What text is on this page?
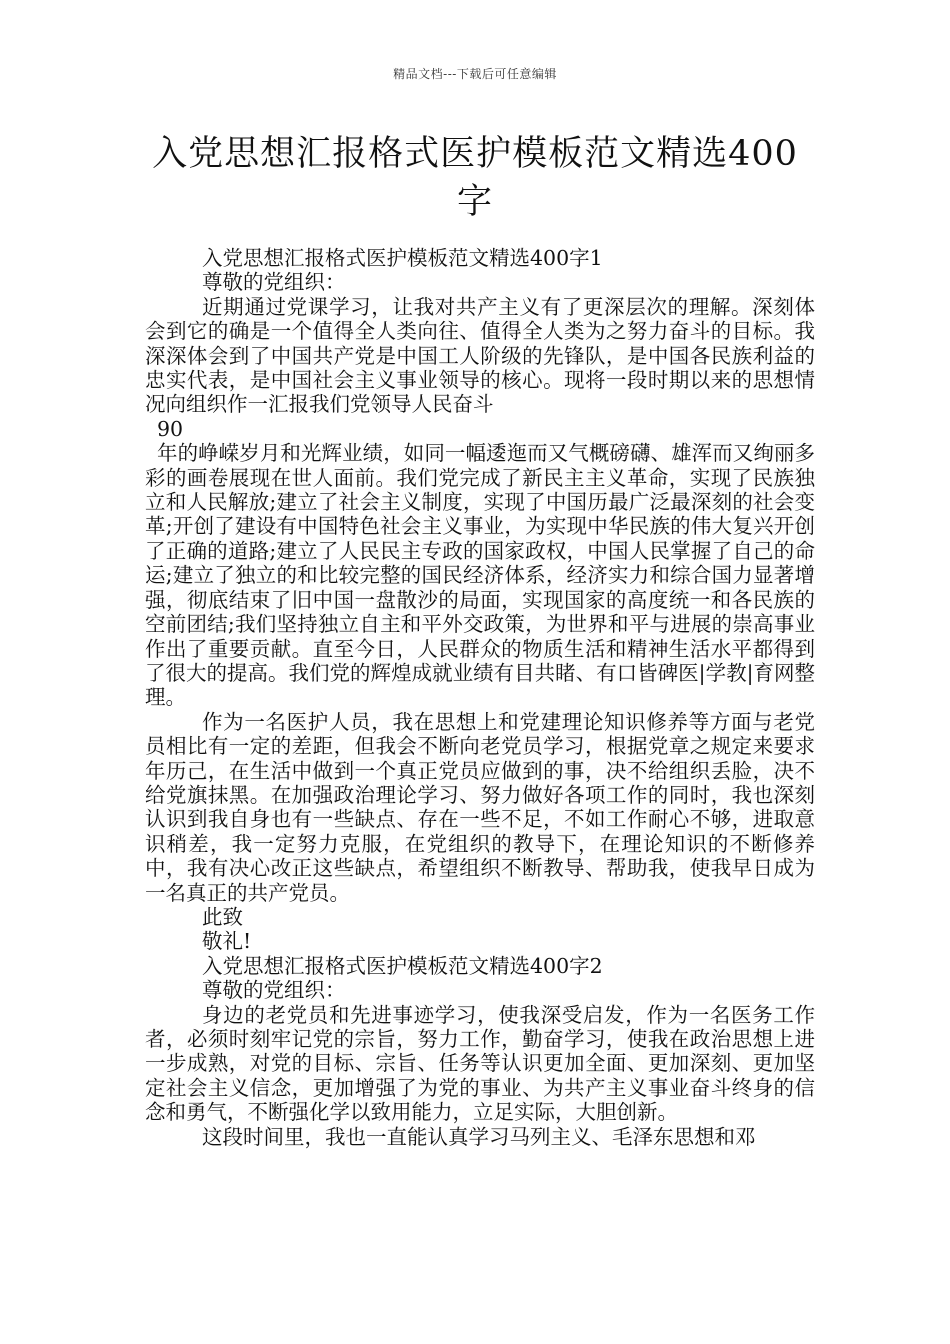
精品文档---下载后可任意编辑
入党思想汇报格式医护模板范文精选400字

入党思想汇报格式医护模板范文精选400字1

尊敬的党组织：

近期通过党课学习，让我对共产主义有了更深层次的理解。深刻体会到它的确是一个值得全人类向往、值得全人类为之努力奋斗的目标。我深深体会到了中国共产党是中国工人阶级的先锋队，是中国各民族利益的忠实代表，是中国社会主义事业领导的核心。现将一段时期以来的思想情况向组织作一汇报我们党领导人民奋斗

90

年的峥嵘岁月和光辉业绩，如同一幅逶迤而又气概磅礴、雄浑而又绚丽多彩的画卷展现在世人面前。我们党完成了新民主主义革命，实现了民族独立和人民解放;建立了社会主义制度，实现了中国历最广泛最深刻的社会变革;开创了建设有中国特色社会主义事业，为实现中华民族的伟大复兴开创了正确的道路;建立了人民民主专政的国家政权，中国人民掌握了自己的命运;建立了独立的和比较完整的国民经济体系，经济实力和综合国力显著增强，彻底结束了旧中国一盘散沙的局面，实现国家的高度统一和各民族的空前团结;我们坚持独立自主和平外交政策，为世界和平与进展的崇高事业作出了重要贡献。直至今日，人民群众的物质生活和精神生活水平都得到了很大的提高。我们党的辉煌成就业绩有目共睹、有口皆碑医|学教|育网整理。

作为一名医护人员，我在思想上和党建理论知识修养等方面与老党员相比有一定的差距，但我会不断向老党员学习，根据党章之规定来要求年历己，在生活中做到一个真正党员应做到的事，决不给组织丢脸，决不给党旗抹黑。在加强政治理论学习、努力做好各项工作的同时，我也深刻认识到我自身也有一些缺点、存在一些不足，不如工作耐心不够，进取意识稍差，我一定努力克服，在党组织的教导下，在理论知识的不断修养中，我有决心改正这些缺点，希望组织不断教导、帮助我，使我早日成为一名真正的共产党员。

此致

敬礼!

入党思想汇报格式医护模板范文精选400字2

尊敬的党组织：

身边的老党员和先进事迹学习，使我深受启发，作为一名医务工作者，必须时刻牢记党的宗旨，努力工作，勤奋学习，使我在政治思想上进一步成熟，对党的目标、宗旨、任务等认识更加全面、更加深刻、更加坚定社会主义信念，更加增强了为党的事业、为共产主义事业奋斗终身的信念和勇气，不断强化学以致用能力，立足实际，大胆创新。

这段时间里，我也一直能认真学习马列主义、毛泽东思想和邓
